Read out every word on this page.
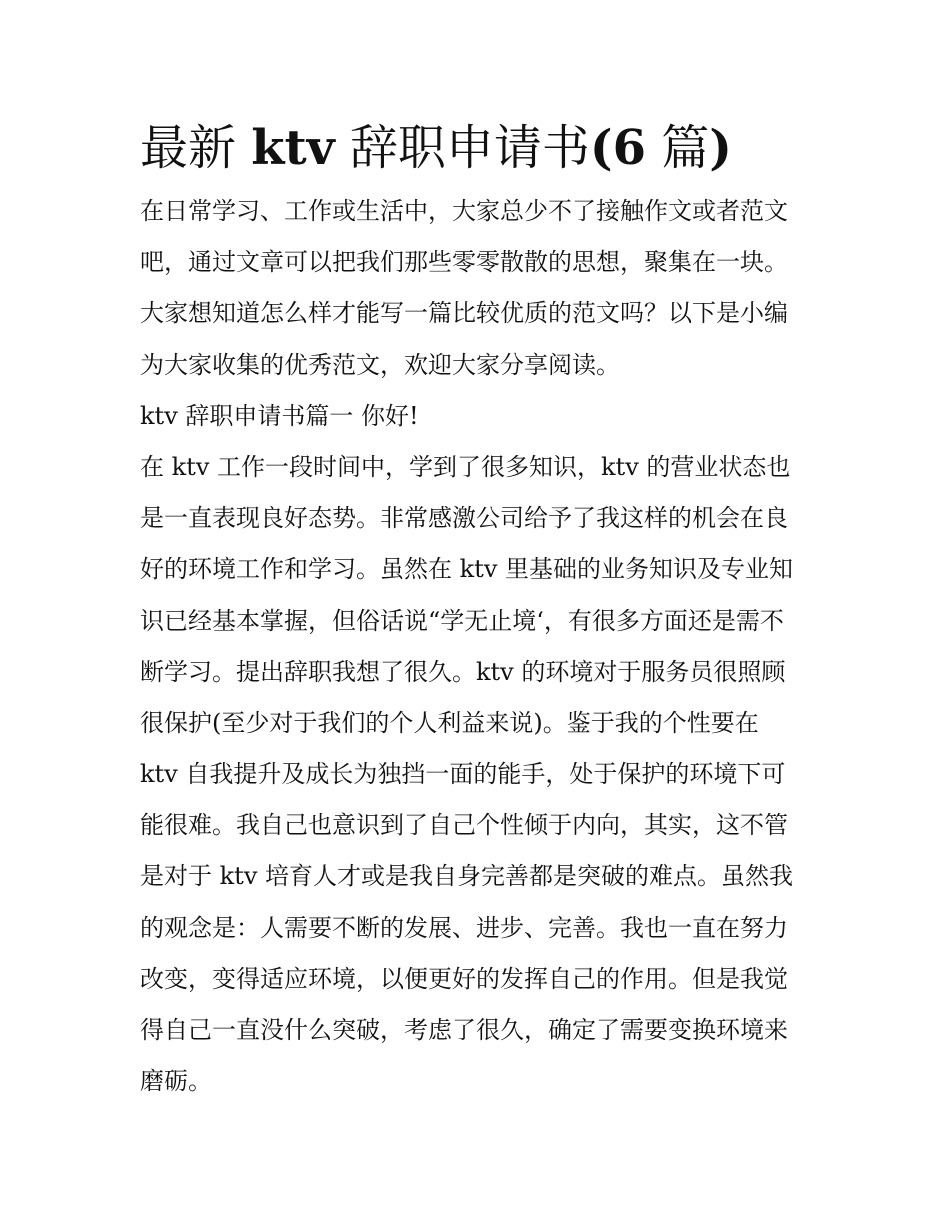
最新 ktv 辞职申请书(6 篇)

在日常学习、工作或生活中，大家总少不了接触作文或者范文

吧，通过文章可以把我们那些零零散散的思想，聚集在一块。

大家想知道怎么样才能写一篇比较优质的范文吗？以下是小编

为大家收集的优秀范文，欢迎大家分享阅读。

ktv 辞职申请书篇一 你好!

在 ktv 工作一段时间中，学到了很多知识，ktv 的营业状态也

是一直表现良好态势。非常感激公司给予了我这样的机会在良

好的环境工作和学习。虽然在 ktv 里基础的业务知识及专业知

识已经基本掌握，但俗话说“学无止境‘，有很多方面还是需不

断学习。提出辞职我想了很久。ktv 的环境对于服务员很照顾

很保护(至少对于我们的个人利益来说)。鉴于我的个性要在

ktv 自我提升及成长为独挡一面的能手，处于保护的环境下可

能很难。我自己也意识到了自己个性倾于内向，其实，这不管

是对于 ktv 培育人才或是我自身完善都是突破的难点。虽然我

的观念是：人需要不断的发展、进步、完善。我也一直在努力

改变，变得适应环境，以便更好的发挥自己的作用。但是我觉

得自己一直没什么突破，考虑了很久，确定了需要变换环境来

磨砺。
